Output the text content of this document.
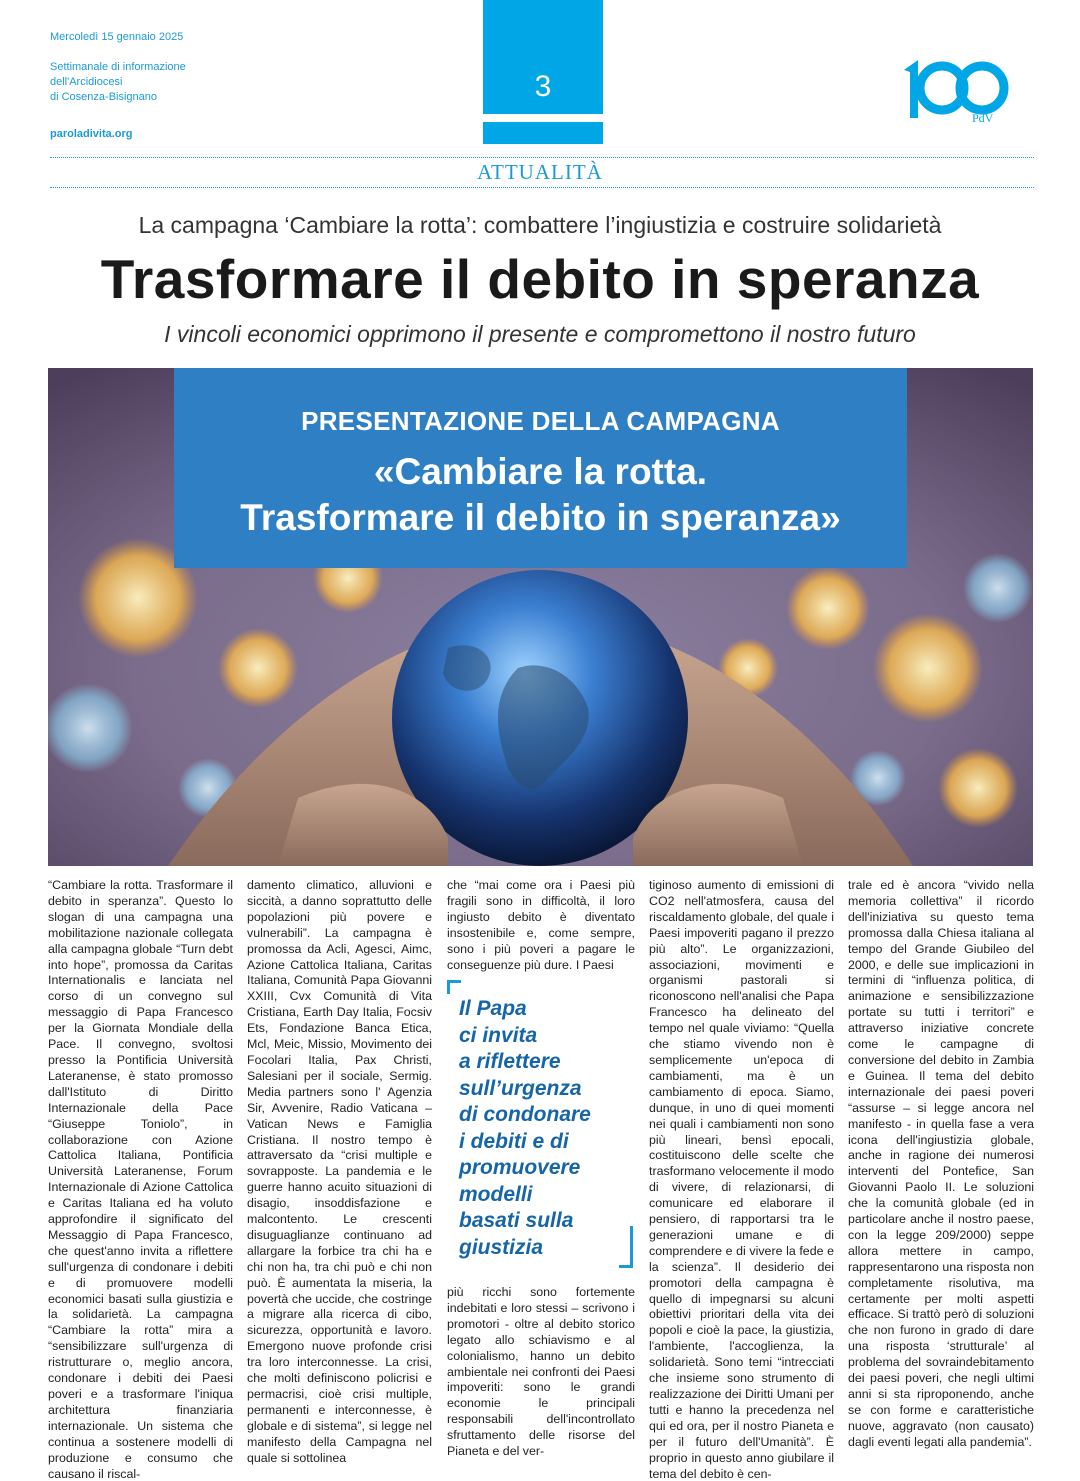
Mercoledì 15 gennaio 2025
Settimanale di informazione
dell'Arcidiocesi
di Cosenza-Bisignano
paroladivita.org
3
PdV
ATTUALITÀ
La campagna ‘Cambiare la rotta’: combattere l’ingiustizia e costruire solidarietà
Trasformare il debito in speranza
I vincoli economici opprimono il presente e compromettono il nostro futuro
PRESENTAZIONE DELLA CAMPAGNA
«Cambiare la rotta.
Trasformare il debito in speranza»
“Cambiare la rotta. Trasformare il debito in speranza”. Questo lo slogan di una campagna una mobilitazione nazionale collegata alla campagna globale “Turn debt into hope”, promossa da Caritas Internationalis e lanciata nel corso di un convegno sul messaggio di Papa Francesco per la Giornata Mondiale della Pace. Il convegno, svoltosi presso la Pontificia Università Lateranense, è stato promosso dall'Istituto di Diritto Internazionale della Pace “Giuseppe Toniolo”, in collaborazione con Azione Cattolica Italiana, Pontificia Università Lateranense, Forum Internazionale di Azione Cattolica e Caritas Italiana ed ha voluto approfondire il significato del Messaggio di Papa Francesco, che quest'anno invita a riflettere sull'urgenza di condonare i debiti e di promuovere modelli economici basati sulla giustizia e la solidarietà. La campagna “Cambiare la rotta” mira a “sensibilizzare sull'urgenza di ristrutturare o, meglio ancora, condonare i debiti dei Paesi poveri e a trasformare l'iniqua architettura finanziaria internazionale. Un sistema che continua a sostenere modelli di produzione e consumo che causano il riscal-
damento climatico, alluvioni e siccità, a danno soprattutto delle popolazioni più povere e vulnerabili”. La campagna è promossa da Acli, Agesci, Aimc, Azione Cattolica Italiana, Caritas Italiana, Comunità Papa Giovanni XXIII, Cvx Comunità di Vita Cristiana, Earth Day Italia, Focsiv Ets, Fondazione Banca Etica, Mcl, Meic, Missio, Movimento dei Focolari Italia, Pax Christi, Salesiani per il sociale, Sermig. Media partners sono l' Agenzia Sir, Avvenire, Radio Vaticana – Vatican News e Famiglia Cristiana. Il nostro tempo è attraversato da “crisi multiple e sovrapposte. La pandemia e le guerre hanno acuito situazioni di disagio, insoddisfazione e malcontento. Le crescenti disuguaglianze continuano ad allargare la forbice tra chi ha e chi non ha, tra chi può e chi non può. È aumentata la miseria, la povertà che uccide, che costringe a migrare alla ricerca di cibo, sicurezza, opportunità e lavoro. Emergono nuove profonde crisi tra loro interconnesse. La crisi, che molti definiscono policrisi e permacrisi, cioè crisi multiple, permanenti e interconnesse, è globale e di sistema”, si legge nel manifesto della Campagna nel quale si sottolinea
che “mai come ora i Paesi più fragili sono in difficoltà, il loro ingiusto debito è diventato insostenibile e, come sempre, sono i più poveri a pagare le conseguenze più dure. I Paesi
Il Papa
ci invita
a riflettere
sull’urgenza
di condonare
i debiti e di
promuovere
modelli
basati sulla
giustizia
più ricchi sono fortemente indebitati e loro stessi – scrivono i promotori - oltre al debito storico legato allo schiavismo e al colonialismo, hanno un debito ambientale nei confronti dei Paesi impoveriti: sono le grandi economie le principali responsabili dell'incontrollato sfruttamento delle risorse del Pianeta e del ver-
tiginoso aumento di emissioni di CO2 nell'atmosfera, causa del riscaldamento globale, del quale i Paesi impoveriti pagano il prezzo più alto”. Le organizzazioni, associazioni, movimenti e organismi pastorali si riconoscono nell'analisi che Papa Francesco ha delineato del tempo nel quale viviamo: “Quella che stiamo vivendo non è semplicemente un'epoca di cambiamenti, ma è un cambiamento di epoca. Siamo, dunque, in uno di quei momenti nei quali i cambiamenti non sono più lineari, bensì epocali, costituiscono delle scelte che trasformano velocemente il modo di vivere, di relazionarsi, di comunicare ed elaborare il pensiero, di rapportarsi tra le generazioni umane e di comprendere e di vivere la fede e la scienza”. Il desiderio dei promotori della campagna è quello di impegnarsi su alcuni obiettivi prioritari della vita dei popoli e cioè la pace, la giustizia, l'ambiente, l'accoglienza, la solidarietà. Sono temi “intrecciati che insieme sono strumento di realizzazione dei Diritti Umani per tutti e hanno la precedenza nel qui ed ora, per il nostro Pianeta e per il futuro dell'Umanità”. È proprio in questo anno giubilare il tema del debito è cen-
trale ed è ancora “vivido nella memoria collettiva” il ricordo dell'iniziativa su questo tema promossa dalla Chiesa italiana al tempo del Grande Giubileo del 2000, e delle sue implicazioni in termini di “influenza politica, di animazione e sensibilizzazione portate su tutti i territori” e attraverso iniziative concrete come le campagne di conversione del debito in Zambia e Guinea. Il tema del debito internazionale dei paesi poveri “assurse – si legge ancora nel manifesto - in quella fase a vera icona dell'ingiustizia globale, anche in ragione dei numerosi interventi del Pontefice, San Giovanni Paolo II. Le soluzioni che la comunità globale (ed in particolare anche il nostro paese, con la legge 209/2000) seppe allora mettere in campo, rappresentarono una risposta non completamente risolutiva, ma certamente per molti aspetti efficace. Si trattò però di soluzioni che non furono in grado di dare una risposta ‘strutturale’ al problema del sovraindebitamento dei paesi poveri, che negli ultimi anni si sta riproponendo, anche se con forme e caratteristiche nuove, aggravato (non causato) dagli eventi legati alla pandemia”.
